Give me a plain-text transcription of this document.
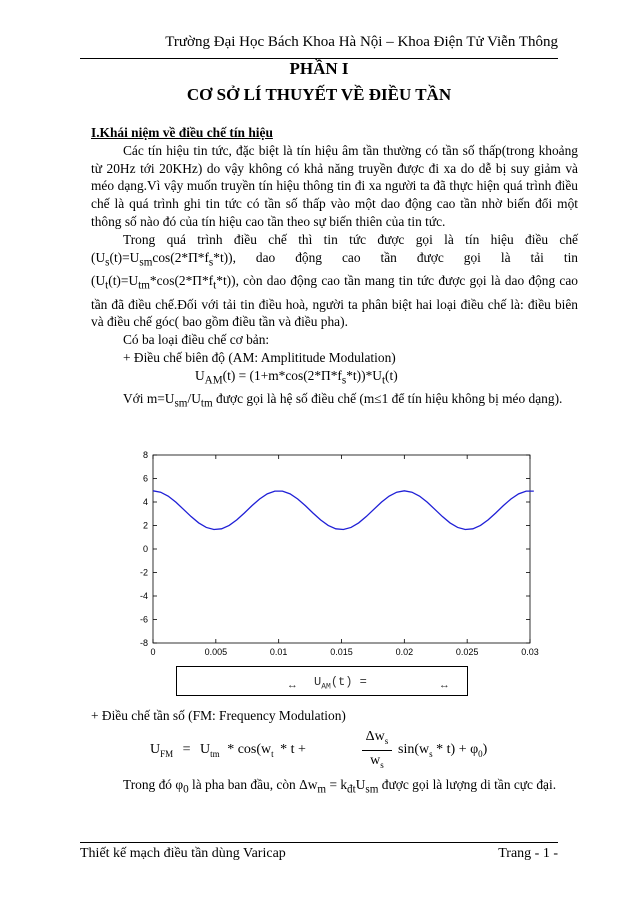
Trường Đại Học Bách Khoa Hà Nội – Khoa Điện Tử Viễn Thông
PHẦN I
CƠ SỞ LÍ THUYẾT VỀ ĐIỀU TẦN

I.Khái niệm về điều chế tín hiệu

Các tín hiệu tin tức, đặc biệt là tín hiệu âm tần thường có tần số thấp(trong khoảng từ 20Hz tới 20KHz) do vậy không có khả năng truyền được đi xa do dễ bị suy giảm và méo dạng.Vì vậy muốn truyền tín hiệu thông tin đi xa người ta đã thực hiện quá trình điều chế là quá trình ghi tin tức có tần số thấp vào một dao động cao tần nhờ biến đổi một thông số nào đó của tín hiệu cao tần theo sự biến thiên của tin tức.

Trong quá trình điều chế thì tin tức được gọi là tín hiệu điều chế $(U_s(t)=U_{sm}\cos(2*\Pi*f_s*t))$, dao động cao tần được gọi là tải tin $(U_t(t)=U_{tm}*\cos(2*\Pi*f_t*t))$, còn dao động cao tần mang tin tức được gọi là dao động cao tần đã điều chế.Đối với tải tin điều hoà, người ta phân biệt hai loại điều chế là: điều biên và điều chế góc( bao gồm điều tần và điều pha).

Có ba loại điều chế cơ bản:

+ Điều chế biên độ (AM: Amplititude Modulation)

$U_{AM}(t) = (1+m*\cos(2*\Pi*f_s*t))*U_t(t)$

Với $m=U_{sm}/U_{tm}$ được gọi là hệ số điều chế (m≤1 để tín hiệu không bị méo dạng).

0	0.005	0.01	0.015	0.02	0.025	0.03
8
6
4
2
0
-2
-4
-6
-8
$U_{AM}(t)$ =
↔	↔
+ Điều chế tần số (FM: Frequency Modulation)
$U_{FM} = U_{tm} * \cos(w_t * t$ +
$\Delta w_s$
$w_s$
$\sin(w_s * t) + \varphi_0$)
Trong đó $\varphi_0$ là pha ban đầu, còn $\Delta w_m = k_{đt}U_{sm}$ được gọi là lượng di tần cực đại.
Thiết kế mạch điều tần dùng Varicap	Trang - 1 -
